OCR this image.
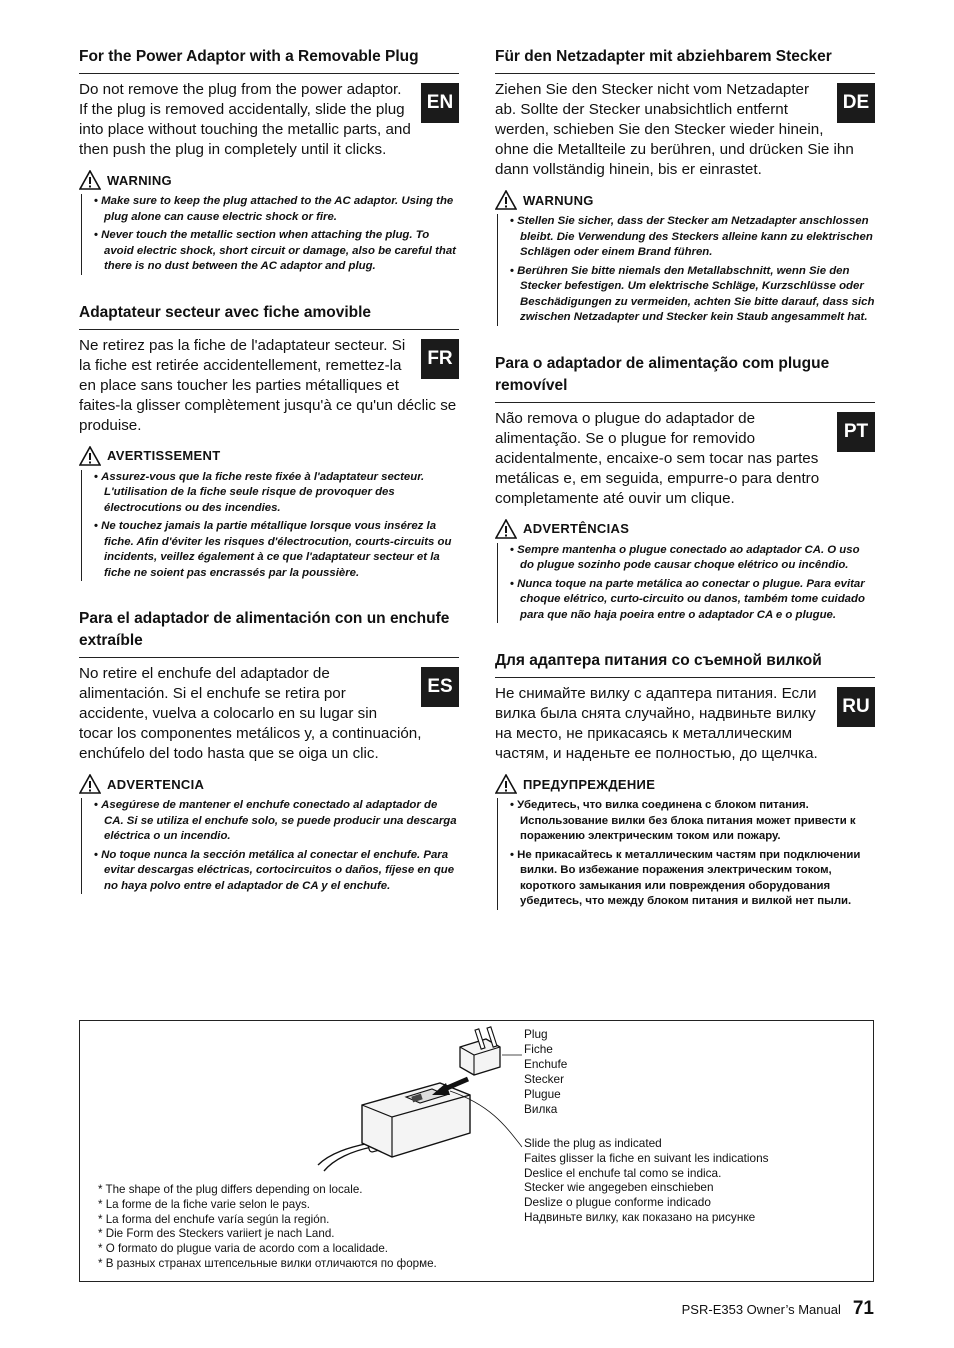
For the Power Adaptor with a Removable Plug
EN
Do not remove the plug from the power adaptor. If the plug is removed accidentally, slide the plug into place without touching the metallic parts, and then push the plug in completely until it clicks.
WARNING
• Make sure to keep the plug attached to the AC adaptor. Using the plug alone can cause electric shock or fire.
• Never touch the metallic section when attaching the plug. To avoid electric shock, short circuit or damage, also be careful that there is no dust between the AC adaptor and plug.
Adaptateur secteur avec fiche amovible
FR
Ne retirez pas la fiche de l'adaptateur secteur. Si la fiche est retirée accidentellement, remettez-la en place sans toucher les parties métalliques et faites-la glisser complètement jusqu'à ce qu'un déclic se produise.
AVERTISSEMENT
• Assurez-vous que la fiche reste fixée à l'adaptateur secteur. L'utilisation de la fiche seule risque de provoquer des électrocutions ou des incendies.
• Ne touchez jamais la partie métallique lorsque vous insérez la fiche. Afin d'éviter les risques d'électrocution, courts-circuits ou incidents, veillez également à ce que l'adaptateur secteur et la fiche ne soient pas encrassés par la poussière.
Para el adaptador de alimentación con un enchufe extraíble
ES
No retire el enchufe del adaptador de alimentación. Si el enchufe se retira por accidente, vuelva a colocarlo en su lugar sin tocar los componentes metálicos y, a continuación, enchúfelo del todo hasta que se oiga un clic.
ADVERTENCIA
• Asegúrese de mantener el enchufe conectado al adaptador de CA. Si se utiliza el enchufe solo, se puede producir una descarga eléctrica o un incendio.
• No toque nunca la sección metálica al conectar el enchufe. Para evitar descargas eléctricas, cortocircuitos o daños, fíjese en que no haya polvo entre el adaptador de CA y el enchufe.
Für den Netzadapter mit abziehbarem Stecker
DE
Ziehen Sie den Stecker nicht vom Netzadapter ab. Sollte der Stecker unabsichtlich entfernt werden, schieben Sie den Stecker wieder hinein, ohne die Metallteile zu berühren, und drücken Sie ihn dann vollständig hinein, bis er einrastet.
WARNUNG
• Stellen Sie sicher, dass der Stecker am Netzadapter anschlossen bleibt. Die Verwendung des Steckers alleine kann zu elektrischen Schlägen oder einem Brand führen.
• Berühren Sie bitte niemals den Metallabschnitt, wenn Sie den Stecker befestigen. Um elektrische Schläge, Kurzschlüsse oder Beschädigungen zu vermeiden, achten Sie bitte darauf, dass sich zwischen Netzadapter und Stecker kein Staub angesammelt hat.
Para o adaptador de alimentação com plugue removível
PT
Não remova o plugue do adaptador de alimentação. Se o plugue for removido acidentalmente, encaixe-o sem tocar nas partes metálicas e, em seguida, empurre-o para dentro completamente até ouvir um clique.
ADVERTÊNCIAS
• Sempre mantenha o plugue conectado ao adaptador CA. O uso do plugue sozinho pode causar choque elétrico ou incêndio.
• Nunca toque na parte metálica ao conectar o plugue. Para evitar choque elétrico, curto-circuito ou danos, também tome cuidado para que não haja poeira entre o adaptador CA e o plugue.
Для адаптера питания со съемной вилкой
RU
Не снимайте вилку с адаптера питания. Если вилка была снята случайно, надвиньте вилку на место, не прикасаясь к металлическим частям, и наденьте ее полностью, до щелчка.
ПРЕДУПРЕЖДЕНИЕ
• Убедитесь, что вилка соединена с блоком питания. Использование вилки без блока питания может привести к поражению электрическим током или пожару.
• Не прикасайтесь к металлическим частям при подключении вилки. Во избежание поражения электрическим током, короткого замыкания или повреждения оборудования убедитесь, что между блоком питания и вилкой нет пыли.
Plug
Fiche
Enchufe
Stecker
Plugue
Вилка
Slide the plug as indicated
Faites glisser la fiche en suivant les indications
Deslice el enchufe tal como se indica.
Stecker wie angegeben einschieben
Deslize o plugue conforme indicado
Надвиньте вилку, как показано на рисунке
* The shape of the plug differs depending on locale.
* La forme de la fiche varie selon le pays.
* La forma del enchufe varía según la región.
* Die Form des Steckers variiert je nach Land.
* O formato do plugue varia de acordo com a localidade.
* В разных странах штепсельные вилки отличаются по форме.
PSR-E353 Owner’s Manual 71
